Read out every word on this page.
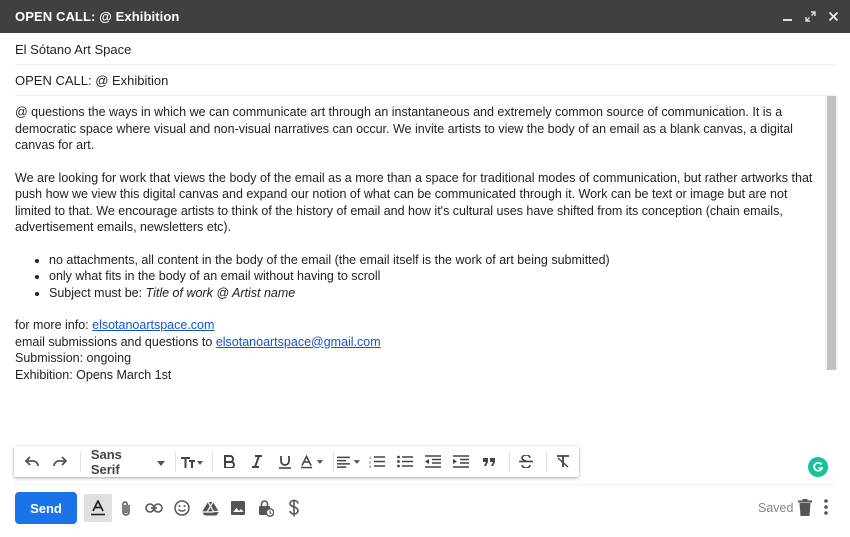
OPEN CALL: @ Exhibition
El Sótano Art Space
OPEN CALL: @ Exhibition

@ questions the ways in which we can communicate art through an instantaneous and extremely common source of communication. It is a democratic space where visual and non-visual narratives can occur. We invite artists to view the body of an email as a blank canvas, a digital canvas for art.

We are looking for work that views the body of the email as a more than a space for traditional modes of communication, but rather artworks that push how we view this digital canvas and expand our notion of what can be communicated through it. Work can be text or image but are not limited to that. We encourage artists to think of the history of email and how it's cultural uses have shifted from its conception (chain emails, advertisement emails, newsletters etc).

• no attachments, all content in the body of the email (the email itself is the work of art being submitted)
• only what fits in the body of an email without having to scroll
• Subject must be: Title of work @ Artist name
for more info: elsotanoartspace.com
email submissions and questions to elsotanoartspace@gmail.com
Submission: ongoing
Exhibition: Opens March 1st
Sans Serif
1
2
3
Send	Saved
